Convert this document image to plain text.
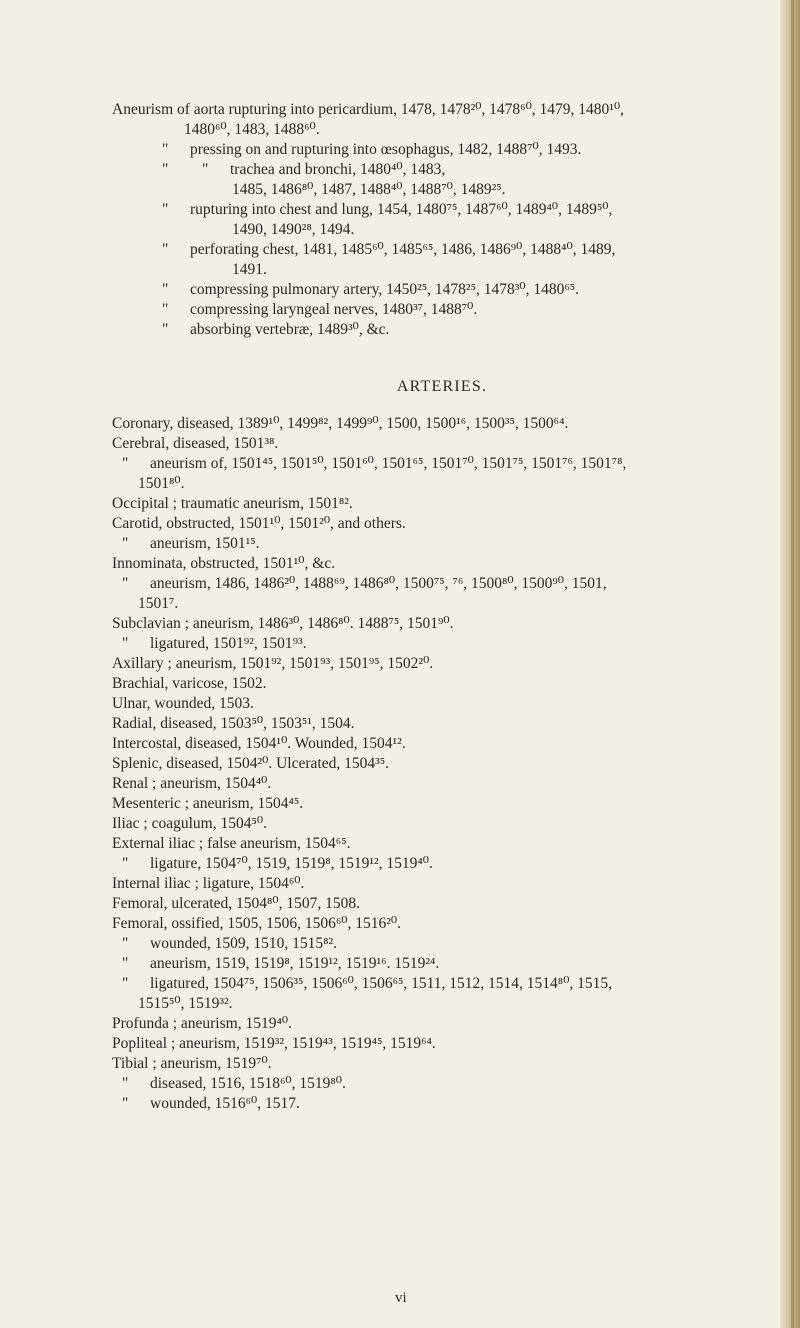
Aneurism of aorta rupturing into pericardium, 1478, 1478²⁰, 1478⁶⁰, 1479, 1480¹⁰,
1480⁶⁰, 1483, 1488⁶⁰.
" pressing on and rupturing into œsophagus, 1482, 1488⁷⁰, 1493.
" " trachea and bronchi, 1480⁴⁰, 1483,
1485, 1486⁸⁰, 1487, 1488⁴⁰, 1488⁷⁰, 1489²⁵.
" rupturing into chest and lung, 1454, 1480⁷⁵, 1487⁶⁰, 1489⁴⁰, 1489⁵⁰,
1490, 1490²⁸, 1494.
" perforating chest, 1481, 1485⁶⁰, 1485⁶⁵, 1486, 1486⁹⁰, 1488⁴⁰, 1489,
1491.
" compressing pulmonary artery, 1450²⁵, 1478²⁵, 1478³⁰, 1480⁶⁵.
" compressing laryngeal nerves, 1480³⁷, 1488⁷⁰.
" absorbing vertebræ, 1489³⁰, &c.
ARTERIES.
Coronary, diseased, 1389¹⁰, 1499⁸², 1499⁹⁰, 1500, 1500¹⁶, 1500³⁵, 1500⁶⁴.
Cerebral, diseased, 1501³⁸.
" aneurism of, 1501⁴⁵, 1501⁵⁰, 1501⁶⁰, 1501⁶⁵, 1501⁷⁰, 1501⁷⁵, 1501⁷⁶, 1501⁷⁸,
1501⁸⁰.
Occipital ; traumatic aneurism, 1501⁸².
Carotid, obstructed, 1501¹⁰, 1501²⁰, and others.
" aneurism, 1501¹⁵.
Innominata, obstructed, 1501¹⁰, &c.
" aneurism, 1486, 1486²⁰, 1488⁶⁹, 1486⁸⁰, 1500⁷⁵, ⁷⁶, 1500⁸⁰, 1500⁹⁰, 1501,
1501⁷.
Subclavian ; aneurism, 1486³⁰, 1486⁸⁰. 1488⁷⁵, 1501⁹⁰.
" ligatured, 1501⁹², 1501⁹³.
Axillary ; aneurism, 1501⁹², 1501⁹³, 1501⁹⁵, 1502²⁰.
Brachial, varicose, 1502.
Ulnar, wounded, 1503.
Radial, diseased, 1503⁵⁰, 1503⁵¹, 1504.
Intercostal, diseased, 1504¹⁰. Wounded, 1504¹².
Splenic, diseased, 1504²⁰. Ulcerated, 1504³⁵.
Renal ; aneurism, 1504⁴⁰.
Mesenteric ; aneurism, 1504⁴⁵.
Iliac ; coagulum, 1504⁵⁰.
External iliac ; false aneurism, 1504⁶⁵.
" ligature, 1504⁷⁰, 1519, 1519⁸, 1519¹², 1519⁴⁰.
Internal iliac ; ligature, 1504⁶⁰.
Femoral, ulcerated, 1504⁸⁰, 1507, 1508.
Femoral, ossified, 1505, 1506, 1506⁶⁰, 1516²⁰.
" wounded, 1509, 1510, 1515⁸².
" aneurism, 1519, 1519⁸, 1519¹², 1519¹⁶. 1519²⁴.
" ligatured, 1504⁷⁵, 1506³⁵, 1506⁶⁰, 1506⁶⁵, 1511, 1512, 1514, 1514⁸⁰, 1515,
1515⁵⁰, 1519³².
Profunda ; aneurism, 1519⁴⁰.
Popliteal ; aneurism, 1519³², 1519⁴³, 1519⁴⁵, 1519⁶⁴.
Tibial ; aneurism, 1519⁷⁰.
" diseased, 1516, 1518⁶⁰, 1519⁸⁰.
" wounded, 1516⁶⁰, 1517.
vi
